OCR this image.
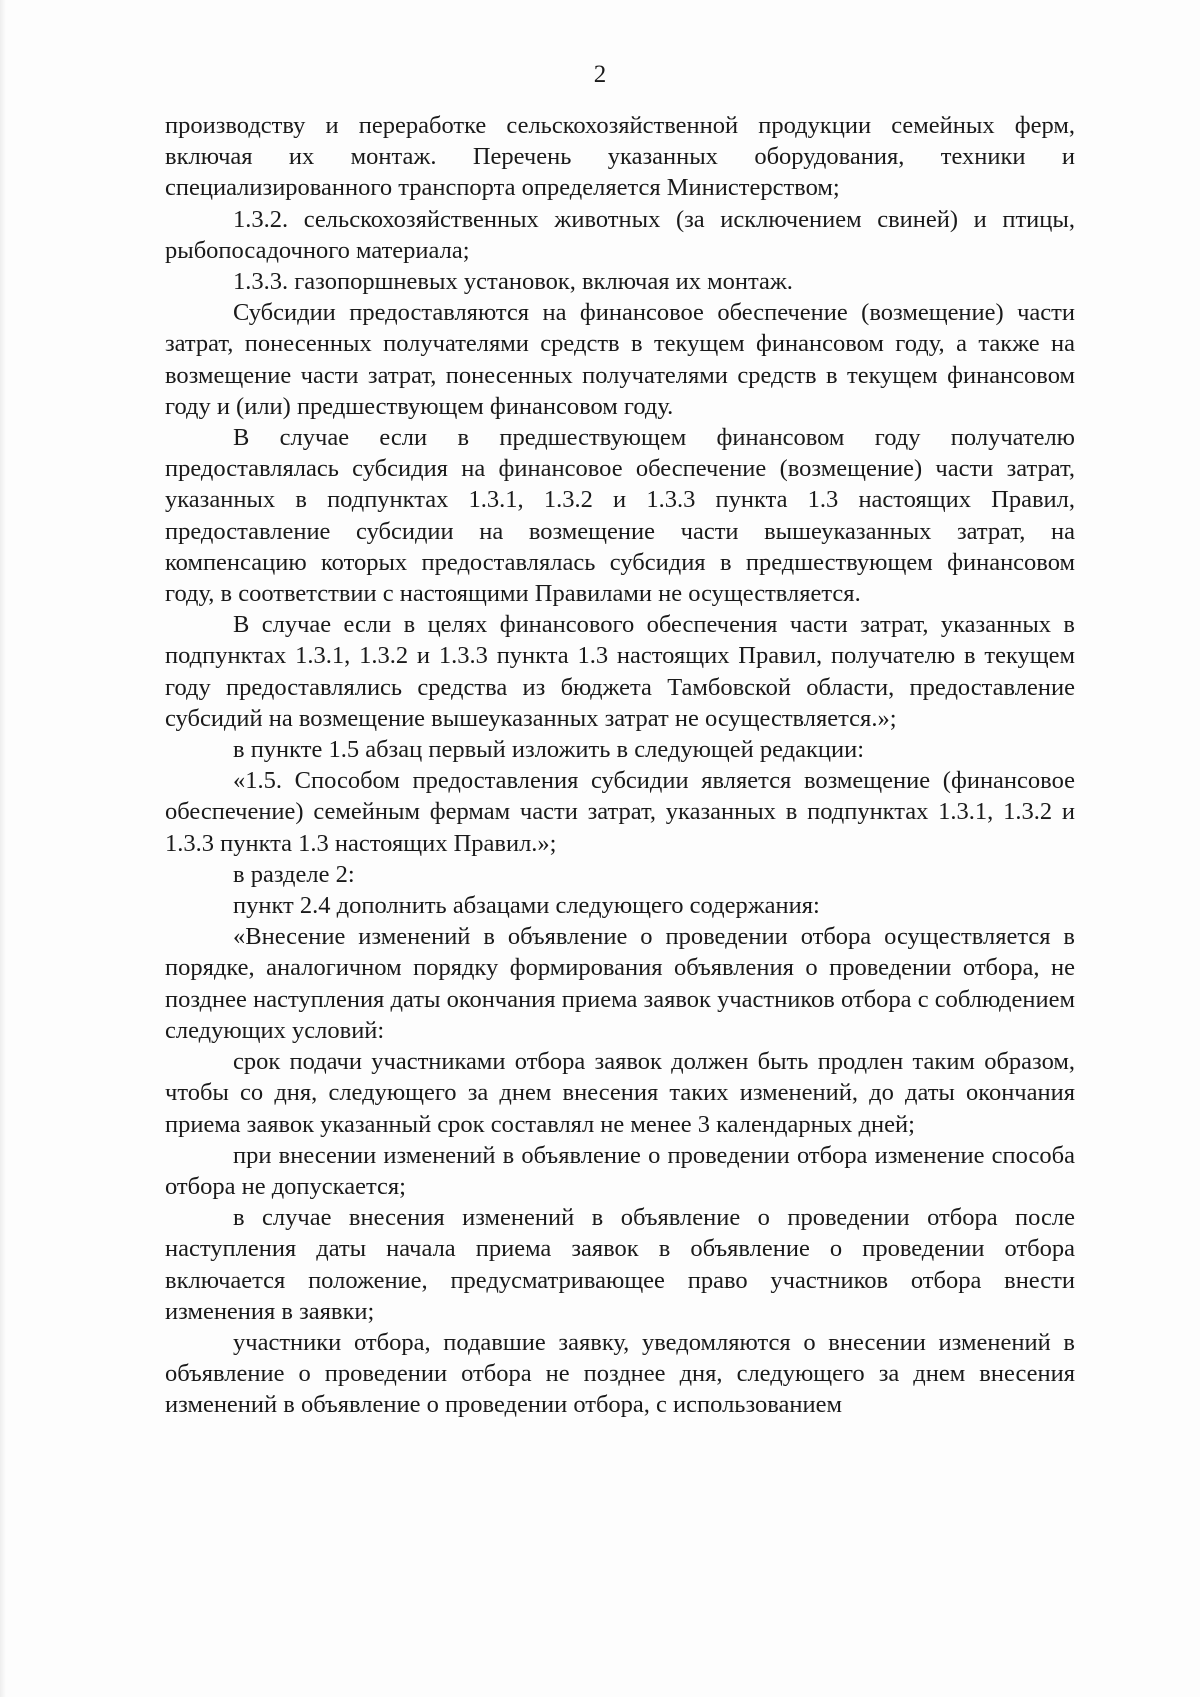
2

производству и переработке сельскохозяйственной продукции семейных ферм, включая их монтаж. Перечень указанных оборудования, техники и специализированного транспорта определяется Министерством;

1.3.2. сельскохозяйственных животных (за исключением свиней) и птицы, рыбопосадочного материала;

1.3.3. газопоршневых установок, включая их монтаж.

Субсидии предоставляются на финансовое обеспечение (возмещение) части затрат, понесенных получателями средств в текущем финансовом году, а также на возмещение части затрат, понесенных получателями средств в текущем финансовом году и (или) предшествующем финансовом году.

В случае если в предшествующем финансовом году получателю предоставлялась субсидия на финансовое обеспечение (возмещение) части затрат, указанных в подпунктах 1.3.1, 1.3.2 и 1.3.3 пункта 1.3 настоящих Правил, предоставление субсидии на возмещение части вышеуказанных затрат, на компенсацию которых предоставлялась субсидия в предшествующем финансовом году, в соответствии с настоящими Правилами не осуществляется.

В случае если в целях финансового обеспечения части затрат, указанных в подпунктах 1.3.1, 1.3.2 и 1.3.3 пункта 1.3 настоящих Правил, получателю в текущем году предоставлялись средства из бюджета Тамбовской области, предоставление субсидий на возмещение вышеуказанных затрат не осуществляется.»;

в пункте 1.5 абзац первый изложить в следующей редакции:

«1.5. Способом предоставления субсидии является возмещение (финансовое обеспечение) семейным фермам части затрат, указанных в подпунктах 1.3.1, 1.3.2 и 1.3.3 пункта 1.3 настоящих Правил.»;

в разделе 2:

пункт 2.4 дополнить абзацами следующего содержания:

«Внесение изменений в объявление о проведении отбора осуществляется в порядке, аналогичном порядку формирования объявления о проведении отбора, не позднее наступления даты окончания приема заявок участников отбора с соблюдением следующих условий:

срок подачи участниками отбора заявок должен быть продлен таким образом, чтобы со дня, следующего за днем внесения таких изменений, до даты окончания приема заявок указанный срок составлял не менее 3 календарных дней;

при внесении изменений в объявление о проведении отбора изменение способа отбора не допускается;

в случае внесения изменений в объявление о проведении отбора после наступления даты начала приема заявок в объявление о проведении отбора включается положение, предусматривающее право участников отбора внести изменения в заявки;

участники отбора, подавшие заявку, уведомляются о внесении изменений в объявление о проведении отбора не позднее дня, следующего за днем внесения изменений в объявление о проведении отбора, с использованием
